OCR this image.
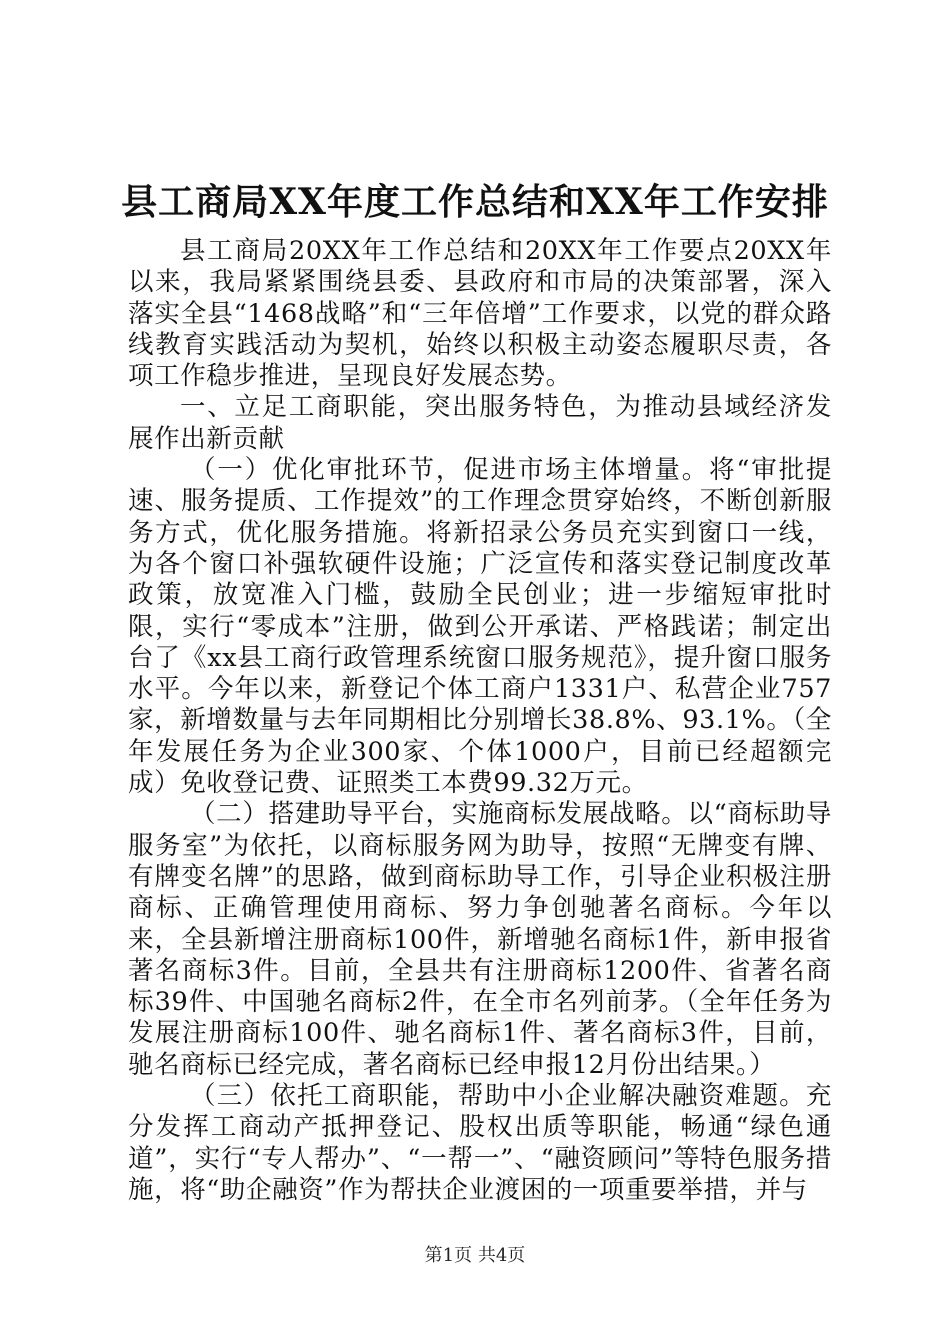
县工商局XX年度工作总结和XX年工作安排

县工商局20XX年工作总结和20XX年工作要点20XX年以来，我局紧紧围绕县委、县政府和市局的决策部署，深入落实全县“1468战略”和“三年倍增”工作要求，以党的群众路线教育实践活动为契机，始终以积极主动姿态履职尽责，各项工作稳步推进，呈现良好发展态势。

一、立足工商职能，突出服务特色，为推动县域经济发展作出新贡献

（一）优化审批环节，促进市场主体增量。将“审批提速、服务提质、工作提效”的工作理念贯穿始终，不断创新服务方式，优化服务措施。将新招录公务员充实到窗口一线，为各个窗口补强软硬件设施；广泛宣传和落实登记制度改革政策，放宽准入门槛，鼓励全民创业；进一步缩短审批时限，实行“零成本”注册，做到公开承诺、严格践诺；制定出台了《xx县工商行政管理系统窗口服务规范》，提升窗口服务水平。今年以来，新登记个体工商户1331户、私营企业757家，新增数量与去年同期相比分别增长38.8%、93.1%。（全年发展任务为企业300家、个体1000户，目前已经超额完成）免收登记费、证照类工本费99.32万元。

（二）搭建助导平台，实施商标发展战略。以“商标助导服务室”为依托，以商标服务网为助导，按照“无牌变有牌、有牌变名牌”的思路，做到商标助导工作，引导企业积极注册商标、正确管理使用商标、努力争创驰著名商标。今年以来，全县新增注册商标100件，新增驰名商标1件，新申报省著名商标3件。目前，全县共有注册商标1200件、省著名商标39件、中国驰名商标2件，在全市名列前茅。（全年任务为发展注册商标100件、驰名商标1件、著名商标3件，目前，驰名商标已经完成，著名商标已经申报12月份出结果。）

（三）依托工商职能，帮助中小企业解决融资难题。充分发挥工商动产抵押登记、股权出质等职能，畅通“绿色通道”，实行“专人帮办”、“一帮一”、“融资顾问”等特色服务措施，将“助企融资”作为帮扶企业渡困的一项重要举措，并与

第1页 共4页
